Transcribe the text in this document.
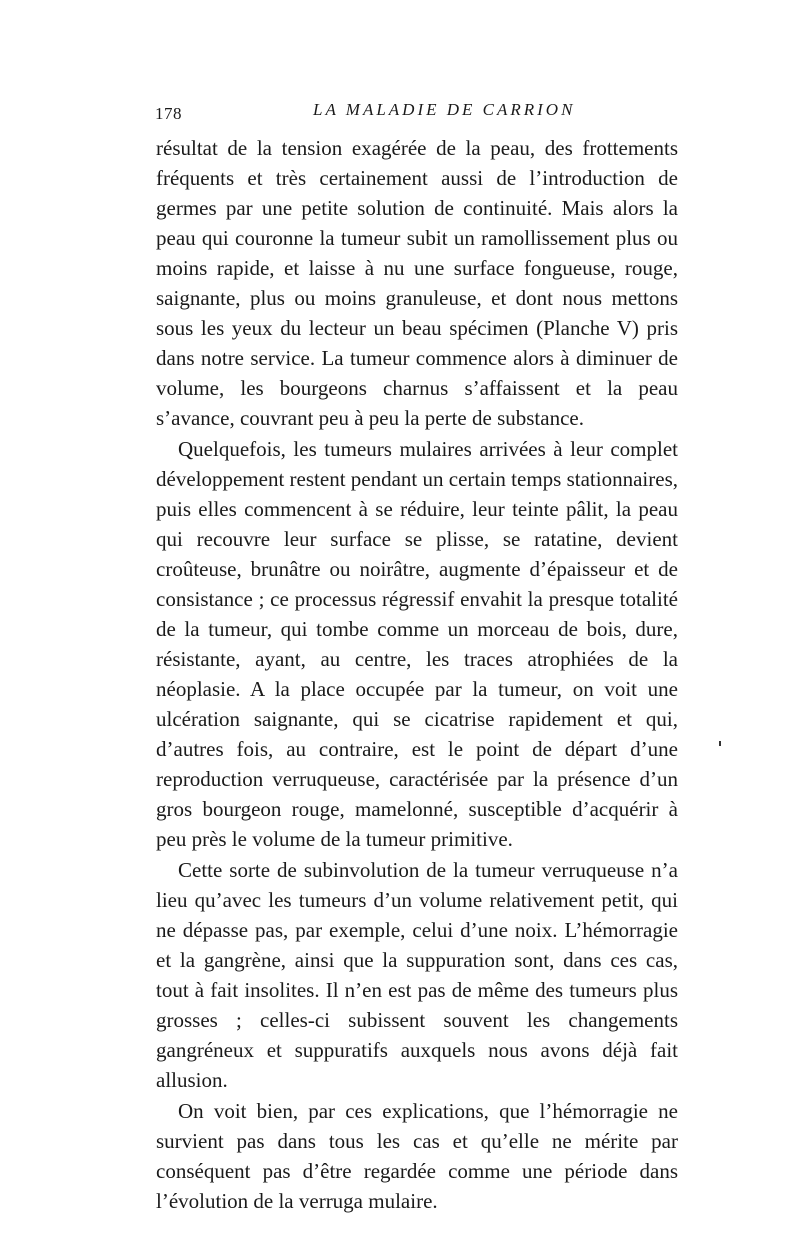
178	LA MALADIE DE CARRION

résultat de la tension exagérée de la peau, des frottements fréquents et très certainement aussi de l’introduction de germes par une petite solution de continuité. Mais alors la peau qui couronne la tumeur subit un ramollissement plus ou moins rapide, et laisse à nu une surface fongueuse, rouge, saignante, plus ou moins granuleuse, et dont nous mettons sous les yeux du lecteur un beau spécimen (Planche V) pris dans notre service. La tumeur commence alors à diminuer de volume, les bourgeons charnus s’affaissent et la peau s’avance, couvrant peu à peu la perte de substance.

Quelquefois, les tumeurs mulaires arrivées à leur complet développement restent pendant un certain temps stationnaires, puis elles commencent à se réduire, leur teinte pâlit, la peau qui recouvre leur surface se plisse, se ratatine, devient croûteuse, brunâtre ou noirâtre, augmente d’épaisseur et de consistance ; ce processus régressif envahit la presque totalité de la tumeur, qui tombe comme un morceau de bois, dure, résistante, ayant, au centre, les traces atrophiées de la néoplasie. A la place occupée par la tumeur, on voit une ulcération saignante, qui se cicatrise rapidement et qui, d’autres fois, au contraire, est le point de départ d’une reproduction verruqueuse, caractérisée par la présence d’un gros bourgeon rouge, mamelonné, susceptible d’acquérir à peu près le volume de la tumeur primitive.

Cette sorte de subinvolution de la tumeur verruqueuse n’a lieu qu’avec les tumeurs d’un volume relativement petit, qui ne dépasse pas, par exemple, celui d’une noix. L’hémorragie et la gangrène, ainsi que la suppuration sont, dans ces cas, tout à fait insolites. Il n’en est pas de même des tumeurs plus grosses ; celles-ci subissent souvent les changements gangréneux et suppuratifs auxquels nous avons déjà fait allusion.

On voit bien, par ces explications, que l’hémorragie ne survient pas dans tous les cas et qu’elle ne mérite par conséquent pas d’être regardée comme une période dans l’évolution de la verruga mulaire.
